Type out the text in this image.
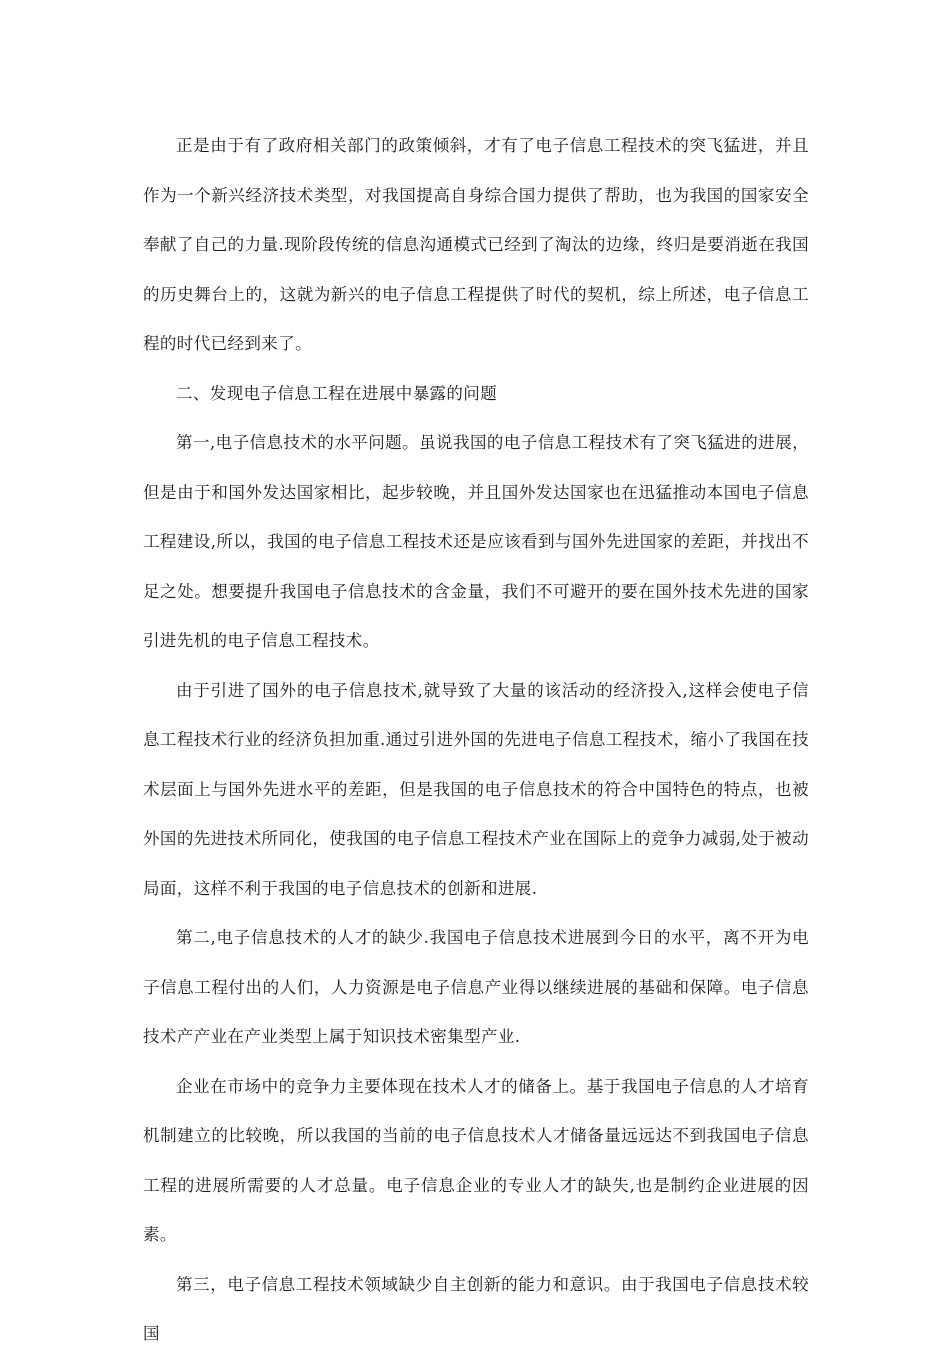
正是由于有了政府相关部门的政策倾斜，才有了电子信息工程技术的突飞猛进，并且作为一个新兴经济技术类型，对我国提高自身综合国力提供了帮助，也为我国的国家安全奉献了自己的力量.现阶段传统的信息沟通模式已经到了淘汰的边缘，终归是要消逝在我国的历史舞台上的，这就为新兴的电子信息工程提供了时代的契机，综上所述，电子信息工程的时代已经到来了。

二、发现电子信息工程在进展中暴露的问题

第一,电子信息技术的水平问题。虽说我国的电子信息工程技术有了突飞猛进的进展，但是由于和国外发达国家相比，起步较晚，并且国外发达国家也在迅猛推动本国电子信息工程建设,所以，我国的电子信息工程技术还是应该看到与国外先进国家的差距，并找出不足之处。想要提升我国电子信息技术的含金量，我们不可避开的要在国外技术先进的国家引进先机的电子信息工程技术。

由于引进了国外的电子信息技术,就导致了大量的该活动的经济投入,这样会使电子信息工程技术行业的经济负担加重.通过引进外国的先进电子信息工程技术，缩小了我国在技术层面上与国外先进水平的差距，但是我国的电子信息技术的符合中国特色的特点，也被外国的先进技术所同化，使我国的电子信息工程技术产业在国际上的竞争力减弱,处于被动局面，这样不利于我国的电子信息技术的创新和进展.

第二,电子信息技术的人才的缺少.我国电子信息技术进展到今日的水平，离不开为电子信息工程付出的人们，人力资源是电子信息产业得以继续进展的基础和保障。电子信息技术产产业在产业类型上属于知识技术密集型产业.

企业在市场中的竞争力主要体现在技术人才的储备上。基于我国电子信息的人才培育机制建立的比较晚，所以我国的当前的电子信息技术人才储备量远远达不到我国电子信息工程的进展所需要的人才总量。电子信息企业的专业人才的缺失,也是制约企业进展的因素。

第三，电子信息工程技术领域缺少自主创新的能力和意识。由于我国电子信息技术较国
